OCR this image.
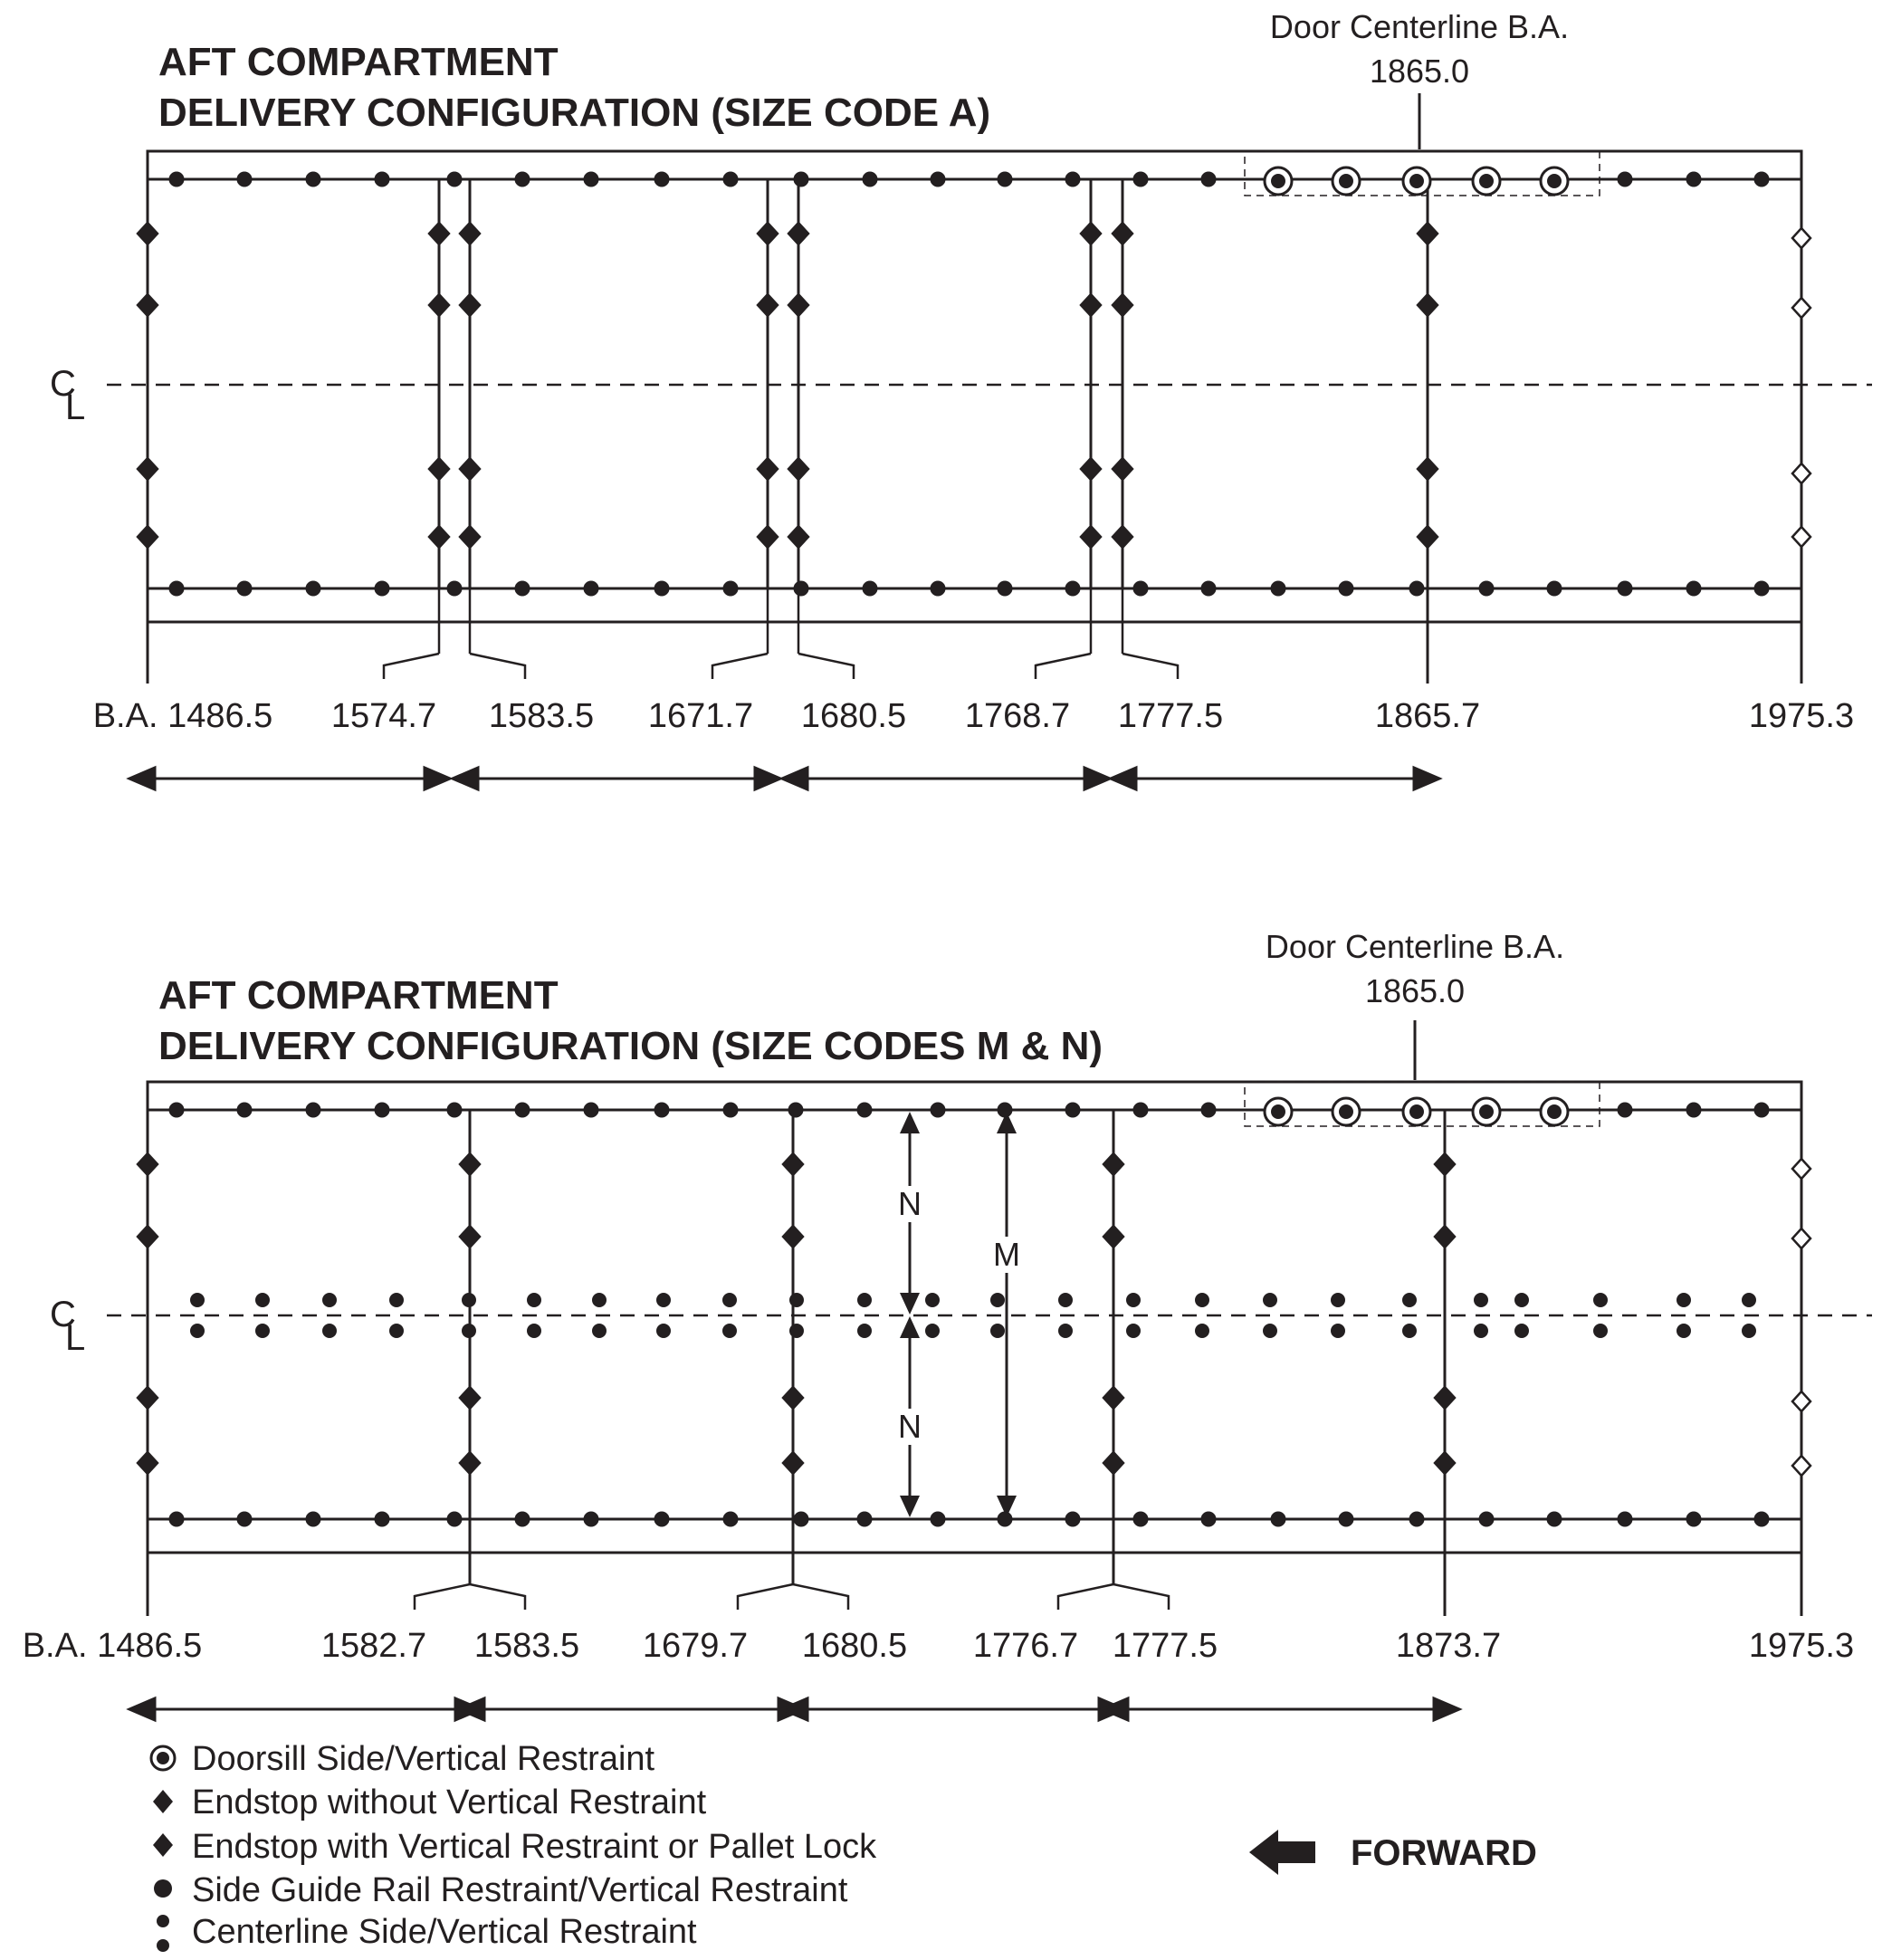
AFT COMPARTMENT
DELIVERY CONFIGURATION (SIZE CODE A)
Door Centerline B.A.
1865.0
C
L
B.A. 1486.5 1574.7 1583.5 1671.7 1680.5 1768.7 1777.5	1865.7	1975.3
AFT COMPARTMENT
DELIVERY CONFIGURATION (SIZE CODES M & N)
Door Centerline B.A.
1865.0
C
L
B.A. 1486.5	1582.7 1583.5 1679.7 1680.5 1776.7 1777.5	1873.7	1975.3
N
N
M
Doorsill Side/Vertical Restraint
Endstop without Vertical Restraint
Endstop with Vertical Restraint or Pallet Lock
Side Guide Rail Restraint/Vertical Restraint
Centerline Side/Vertical Restraint
FORWARD
